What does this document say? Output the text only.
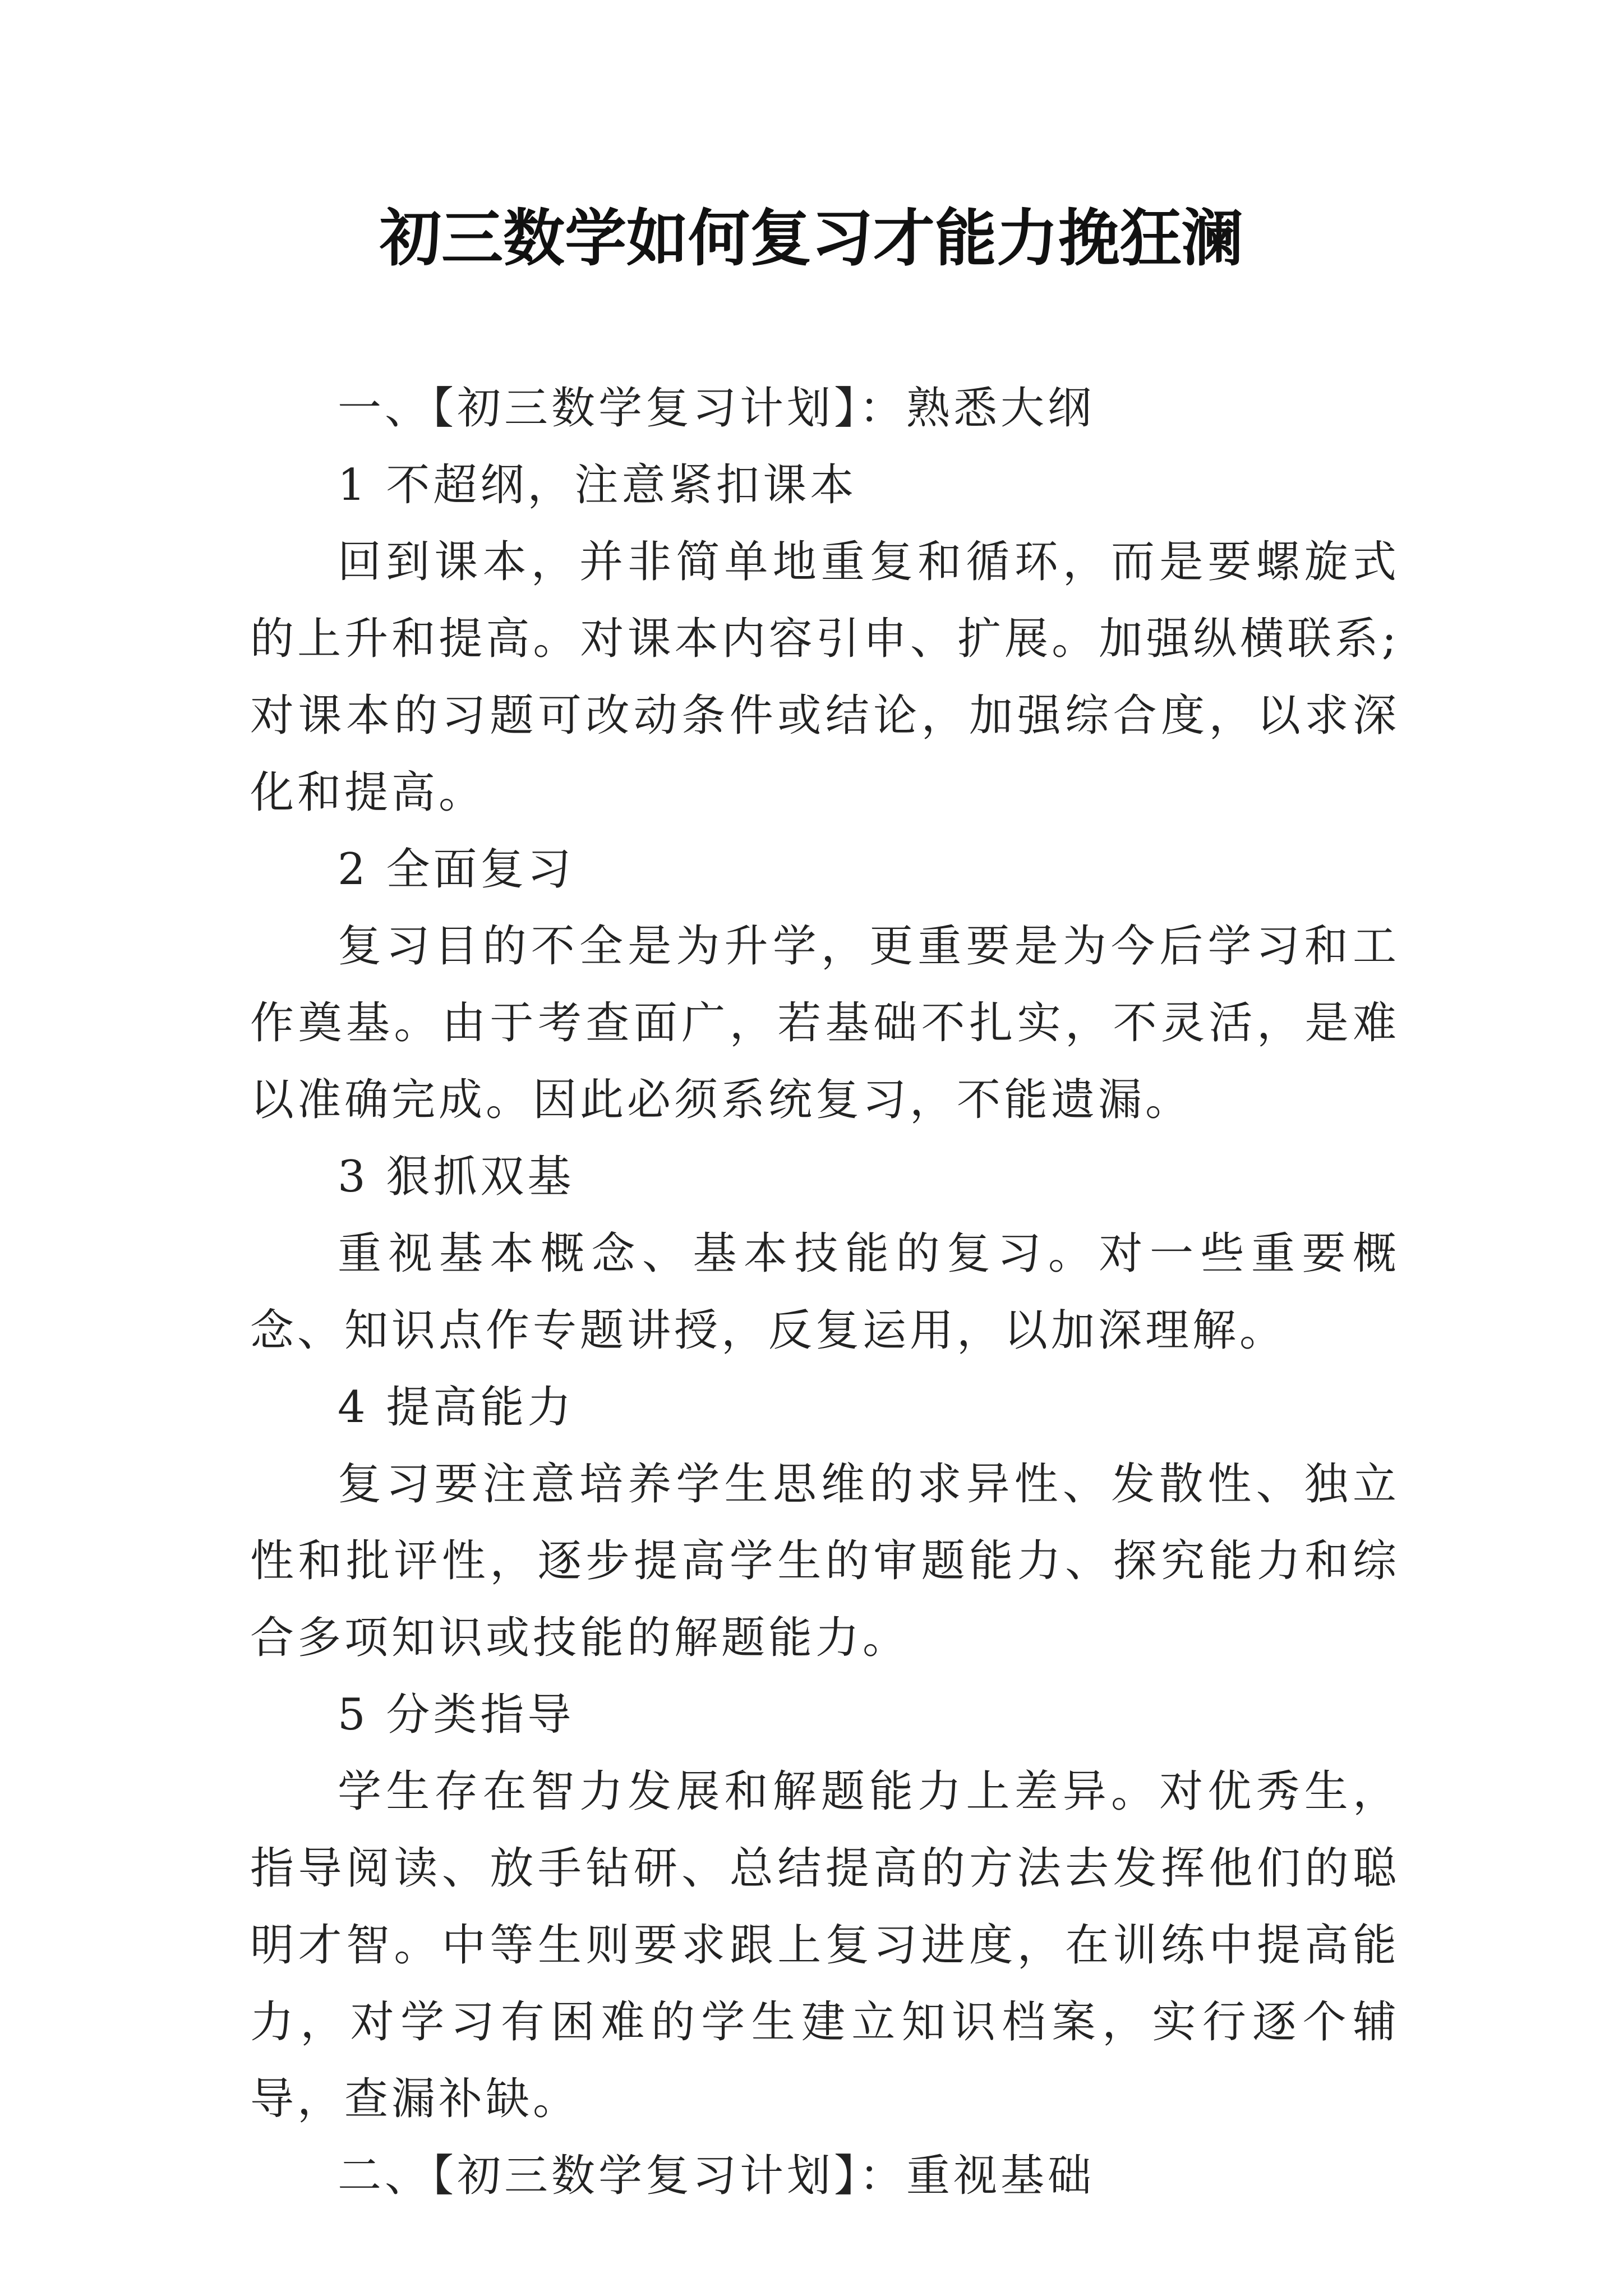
初三数学如何复习才能力挽狂澜

一、【初三数学复习计划】：熟悉大纲

1 不超纲，注意紧扣课本

回到课本，并非简单地重复和循环，而是要螺旋式的上升和提高。对课本内容引申、扩展。加强纵横联系;对课本的习题可改动条件或结论，加强综合度，以求深化和提高。

2 全面复习

复习目的不全是为升学，更重要是为今后学习和工作奠基。由于考查面广，若基础不扎实，不灵活，是难以准确完成。因此必须系统复习，不能遗漏。

3 狠抓双基

重视基本概念、基本技能的复习。对一些重要概念、知识点作专题讲授，反复运用，以加深理解。

4 提高能力

复习要注意培养学生思维的求异性、发散性、独立性和批评性，逐步提高学生的审题能力、探究能力和综合多项知识或技能的解题能力。

5 分类指导

学生存在智力发展和解题能力上差异。对优秀生，指导阅读、放手钻研、总结提高的方法去发挥他们的聪明才智。中等生则要求跟上复习进度，在训练中提高能力，对学习有困难的学生建立知识档案，实行逐个辅导，查漏补缺。

二、【初三数学复习计划】：重视基础
